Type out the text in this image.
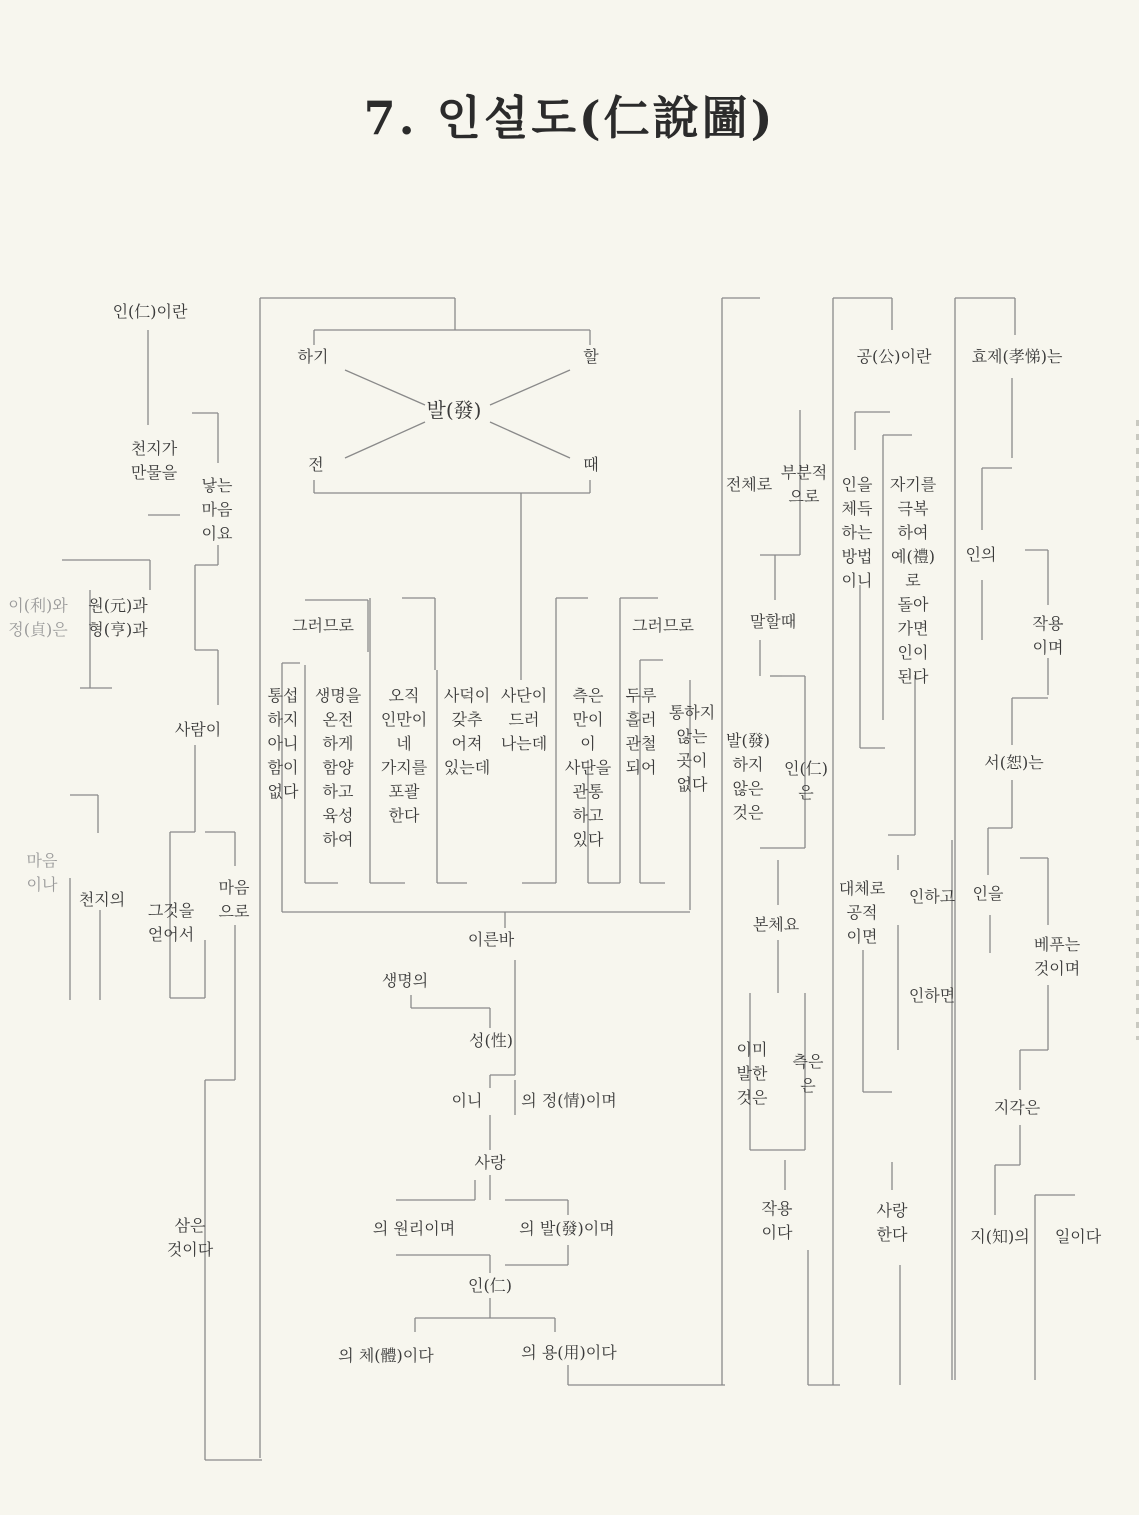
7. 인설도(仁說圖)
인(仁)이란
천지가
만물을
낳는
마음
이요
이(利)와
정(貞)은
원(元)과
형(亨)과
사람이
마음
이나
천지의
그것을
얻어서
마음
으로
삼은
것이다
하기	할
발(發)
전	때
그러므로	그러므로
통섭
하지
아니
함이
없다
생명을
온전
하게
함양
하고
육성
하여
오직
인만이
네
가지를
포괄
한다
사덕이
갖추
어져
있는데
사단이
드러
나는데
측은
만이
이
사단을
관통
하고
있다
두루
흘러
관철
되어
통하지
않는
곳이
없다
이른바
생명의
성(性)
이니 의 정(情)이며
사랑
의 원리이며	의 발(發)이며
인(仁)
의 체(體)이다	의 용(用)이다
전체로
부분적
으로
말할때
발(發)
하지
않은
것은
인(仁)
은
본체요
이미
발한
것은
측은
은
작용
이다
공(公)이란
인을
체득
하는
방법
이니
자기를
극복
하여
예(禮)
로
돌아
가면
인이
된다
대체로
공적
이면
인하고
인하면
사랑
한다
효제(孝悌)는
인의
작용
이며
서(恕)는
인을
베푸는
것이며
지각은
지(知)의 일이다
